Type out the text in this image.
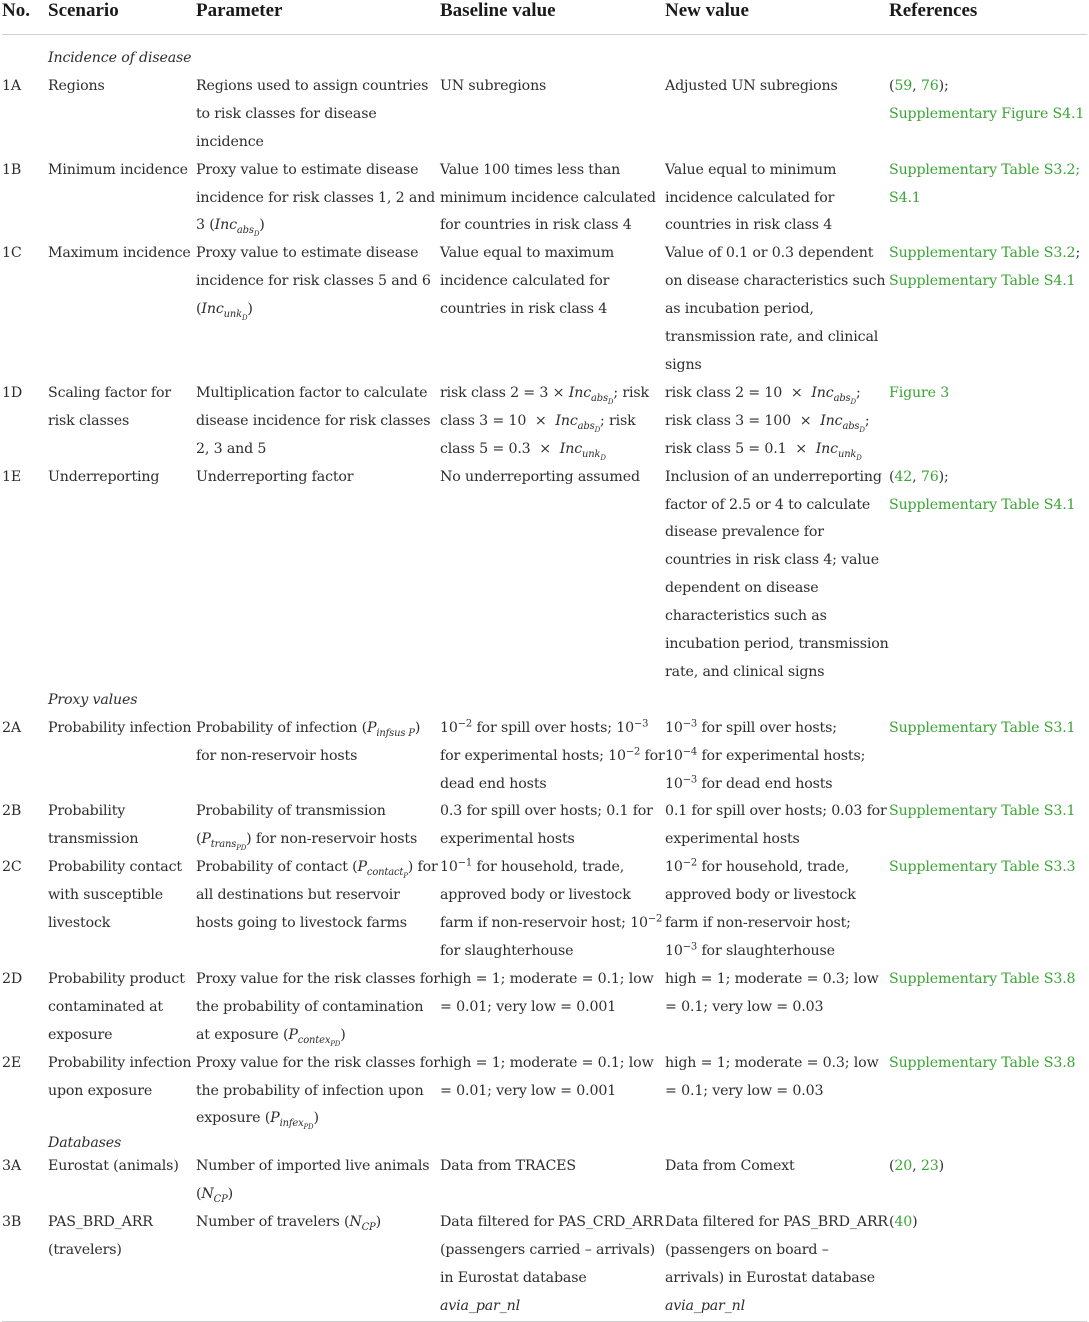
No.	Scenario	Parameter	Baseline value	New value	References
	Incidence of disease				
1A	Regions	Regions used to assign countries to risk classes for disease incidence	UN subregions	Adjusted UN subregions	(59, 76);
Supplementary Figure S4.1
1B	Minimum incidence	Proxy value to estimate disease incidence for risk classes 1, 2 and 3 (Inc$_{abs_D}$)	Value 100 times less than minimum incidence calculated for countries in risk class 4	Value equal to minimum incidence calculated for countries in risk class 4	Supplementary Table S3.2; S4.1
1C	Maximum incidence	Proxy value to estimate disease incidence for risk classes 5 and 6 (Inc$_{unk_D}$)	Value equal to maximum incidence calculated for countries in risk class 4	Value of 0.1 or 0.3 dependent on disease characteristics such as incubation period, transmission rate, and clinical signs	Supplementary Table S3.2;
Supplementary Table S4.1
1D	Scaling factor for risk classes	Multiplication factor to calculate disease incidence for risk classes 2, 3 and 5	risk class 2 = 3 × Inc$_{abs_D}$; risk class 3 = 10  ×  Inc$_{abs_D}$; risk class 5 = 0.3  ×  Inc$_{unk_D}$	risk class 2 = 10  ×  Inc$_{abs_D}$; risk class 3 = 100  ×  Inc$_{abs_D}$; risk class 5 = 0.1  ×  Inc$_{unk_D}$	Figure 3
1E	Underreporting	Underreporting factor	No underreporting assumed	Inclusion of an underreporting factor of 2.5 or 4 to calculate disease prevalence for countries in risk class 4; value dependent on disease characteristics such as incubation period, transmission rate, and clinical signs	(42, 76);
Supplementary Table S4.1
	Proxy values				
2A	Probability infection	Probability of infection $(P_{infsus P})$ for non-reservoir hosts	$10^{-2}$ for spill over hosts; $10^{-3}$ for experimental hosts; $10^{-2}$ for dead end hosts	$10^{-3}$ for spill over hosts;
$10^{-4}$ for experimental hosts;
$10^{-3}$ for dead end hosts	Supplementary Table S3.1
2B	Probability transmission	Probability of transmission $(P_{trans_{PD}})$ for non-reservoir hosts	0.3 for spill over hosts; 0.1 for experimental hosts	0.1 for spill over hosts; 0.03 for experimental hosts	Supplementary Table S3.1
2C	Probability contact with susceptible livestock	Probability of contact $(P_{contact_P})$ for all destinations but reservoir hosts going to livestock farms	$10^{-1}$ for household, trade, approved body or livestock farm if non-reservoir host; $10^{-2}$ for slaughterhouse	$10^{-2}$ for household, trade, approved body or livestock farm if non-reservoir host;
$10^{-3}$ for slaughterhouse	Supplementary Table S3.3
2D	Probability product contaminated at exposure	Proxy value for the risk classes for the probability of contamination at exposure $(P_{contex_{PD}})$	high = 1; moderate = 0.1; low = 0.01; very low = 0.001	high = 1; moderate = 0.3; low = 0.1; very low = 0.03	Supplementary Table S3.8
2E	Probability infection upon exposure	Proxy value for the risk classes for the probability of infection upon exposure $(P_{infex_{PD}})$	high = 1; moderate = 0.1; low = 0.01; very low = 0.001	high = 1; moderate = 0.3; low = 0.1; very low = 0.03	Supplementary Table S3.8
	Databases				
3A	Eurostat (animals)	Number of imported live animals $(N_{CP})$	Data from TRACES	Data from Comext	(20, 23)
3B	PAS_BRD_ARR (travelers)	Number of travelers $(N_{CP})$	Data filtered for PAS_CRD_ARR (passengers carried – arrivals) in Eurostat database avia_par_nl	Data filtered for PAS_BRD_ARR (passengers on board – arrivals) in Eurostat database avia_par_nl	(40)
